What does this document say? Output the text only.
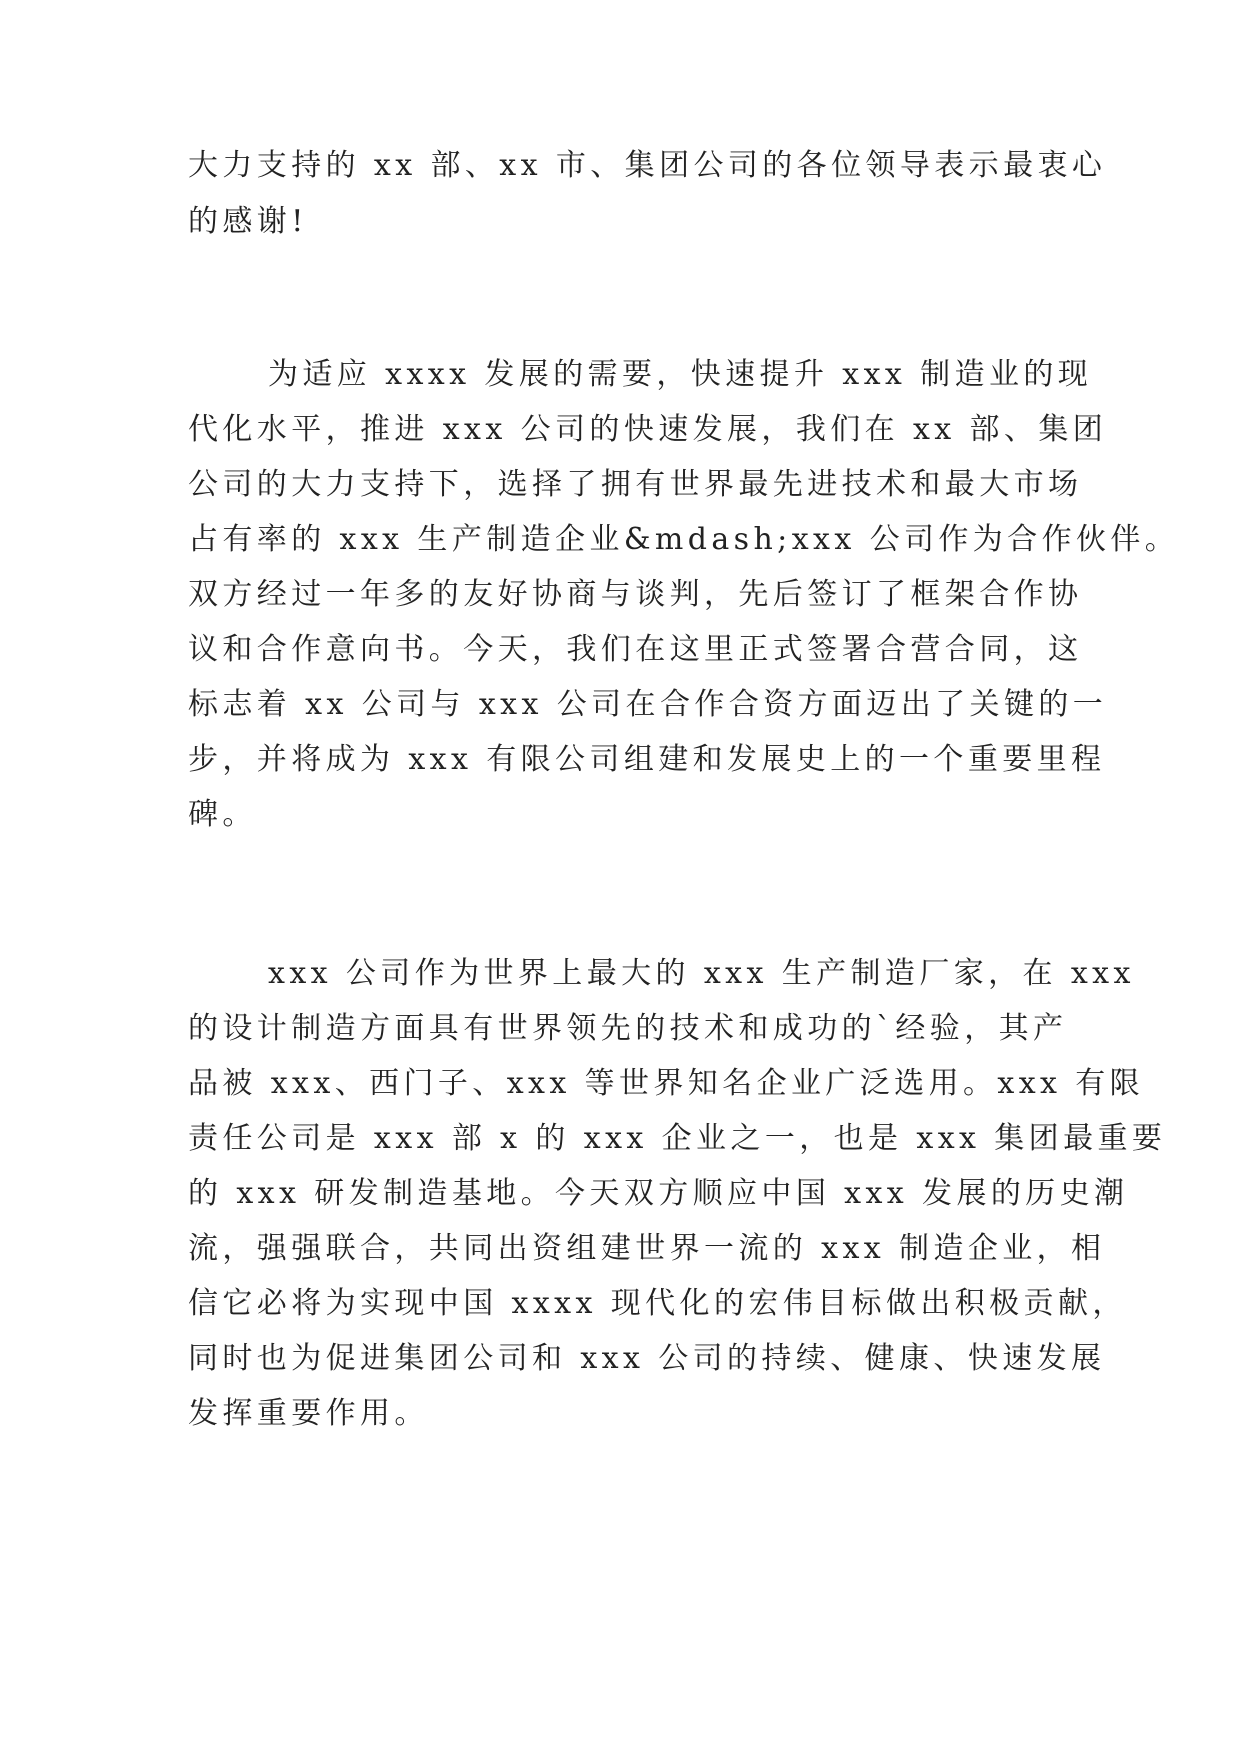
大力支持的 xx 部、xx 市、集团公司的各位领导表示最衷心
的感谢!
为适应 xxxx 发展的需要，快速提升 xxx 制造业的现
代化水平，推进 xxx 公司的快速发展，我们在 xx 部、集团
公司的大力支持下，选择了拥有世界最先进技术和最大市场
占有率的 xxx 生产制造企业&mdash;xxx 公司作为合作伙伴。
双方经过一年多的友好协商与谈判，先后签订了框架合作协
议和合作意向书。今天，我们在这里正式签署合营合同，这
标志着 xx 公司与 xxx 公司在合作合资方面迈出了关键的一
步，并将成为 xxx 有限公司组建和发展史上的一个重要里程
碑。
xxx 公司作为世界上最大的 xxx 生产制造厂家，在 xxx
的设计制造方面具有世界领先的技术和成功的`经验，其产
品被 xxx、西门子、xxx 等世界知名企业广泛选用。xxx 有限
责任公司是 xxx 部 x 的 xxx 企业之一，也是 xxx 集团最重要
的 xxx 研发制造基地。今天双方顺应中国 xxx 发展的历史潮
流，强强联合，共同出资组建世界一流的 xxx 制造企业，相
信它必将为实现中国 xxxx 现代化的宏伟目标做出积极贡献，
同时也为促进集团公司和 xxx 公司的持续、健康、快速发展
发挥重要作用。
